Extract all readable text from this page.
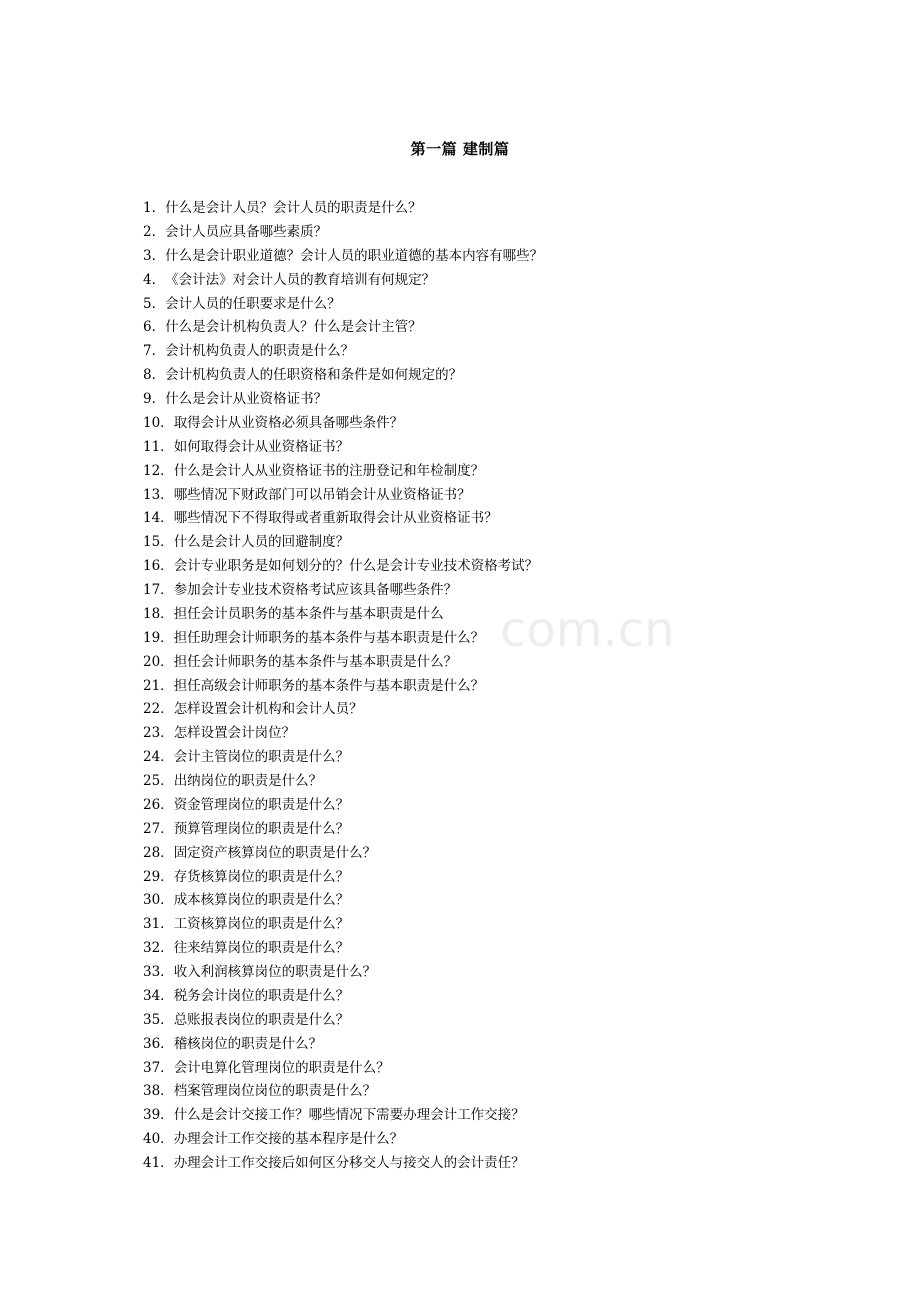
第一篇 建制篇
com.cn
1．什么是会计人员？会计人员的职责是什么？
2．会计人员应具备哪些素质？
3．什么是会计职业道德？会计人员的职业道德的基本内容有哪些？
4．《会计法》对会计人员的教育培训有何规定？
5．会计人员的任职要求是什么？
6．什么是会计机构负责人？什么是会计主管？
7．会计机构负责人的职责是什么？
8．会计机构负责人的任职资格和条件是如何规定的？
9．什么是会计从业资格证书？
10．取得会计从业资格必须具备哪些条件？
11．如何取得会计从业资格证书？
12．什么是会计人从业资格证书的注册登记和年检制度？
13．哪些情况下财政部门可以吊销会计从业资格证书？
14．哪些情况下不得取得或者重新取得会计从业资格证书？
15．什么是会计人员的回避制度？
16．会计专业职务是如何划分的？什么是会计专业技术资格考试？
17．参加会计专业技术资格考试应该具备哪些条件？
18．担任会计员职务的基本条件与基本职责是什么
19．担任助理会计师职务的基本条件与基本职责是什么？
20．担任会计师职务的基本条件与基本职责是什么？
21．担任高级会计师职务的基本条件与基本职责是什么？
22．怎样设置会计机构和会计人员？
23．怎样设置会计岗位？
24．会计主管岗位的职责是什么？
25．出纳岗位的职责是什么？
26．资金管理岗位的职责是什么？
27．预算管理岗位的职责是什么？
28．固定资产核算岗位的职责是什么？
29．存货核算岗位的职责是什么？
30．成本核算岗位的职责是什么？
31．工资核算岗位的职责是什么？
32．往来结算岗位的职责是什么？
33．收入利润核算岗位的职责是什么？
34．税务会计岗位的职责是什么？
35．总账报表岗位的职责是什么？
36．稽核岗位的职责是什么？
37．会计电算化管理岗位的职责是什么？
38．档案管理岗位岗位的职责是什么？
39．什么是会计交接工作？哪些情况下需要办理会计工作交接？
40．办理会计工作交接的基本程序是什么？
41．办理会计工作交接后如何区分移交人与接交人的会计责任？
